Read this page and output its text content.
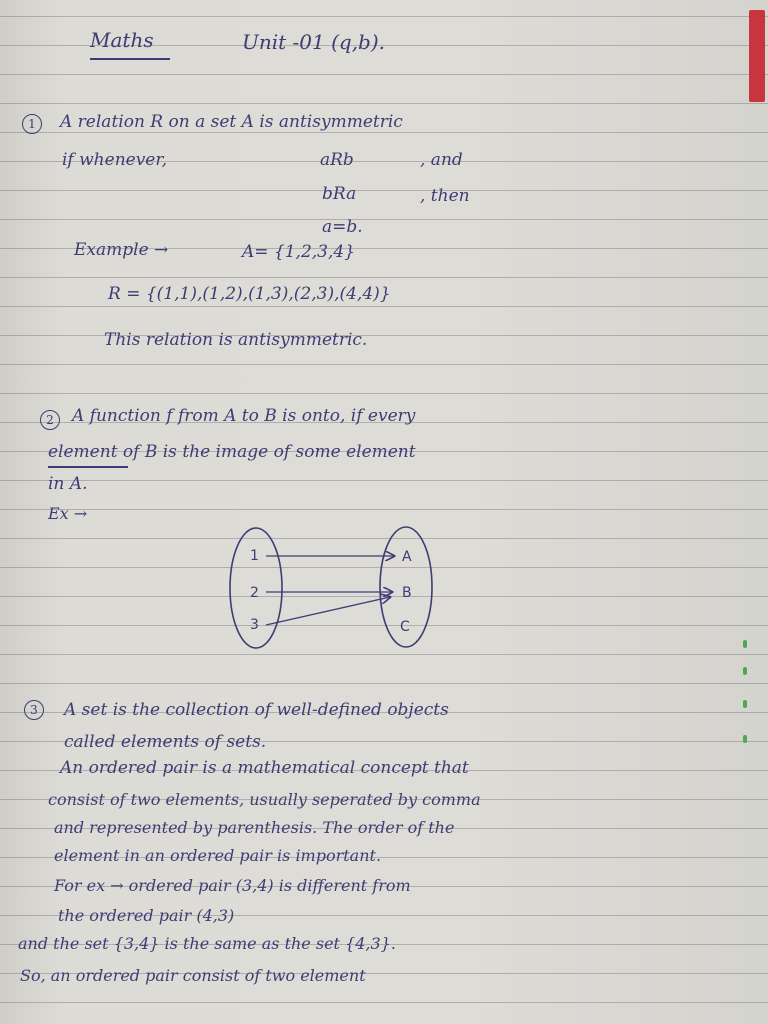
Maths	Unit -01 (q,b).
1	A relation R on a set A is antisymmetric
if whenever,	aRb	, and
bRa	, then
a=b.
Example →	A= {1,2,3,4}
R = {(1,1),(1,2),(1,3),(2,3),(4,4)}
This relation is antisymmetric.
2	A function f from A to B is onto, if every
element of B is the image of some element
in A.
Ex →
1
2
3
A
B
C
3	A set is the collection of well-defined objects
called elements of sets.
An ordered pair is a mathematical concept that
consist of two elements, usually seperated by comma
and represented by parenthesis. The order of the
element in an ordered pair is important.
For ex → ordered pair (3,4) is different from
the ordered pair (4,3)
and the set {3,4} is the same as the set {4,3}.
So, an ordered pair consist of two element
